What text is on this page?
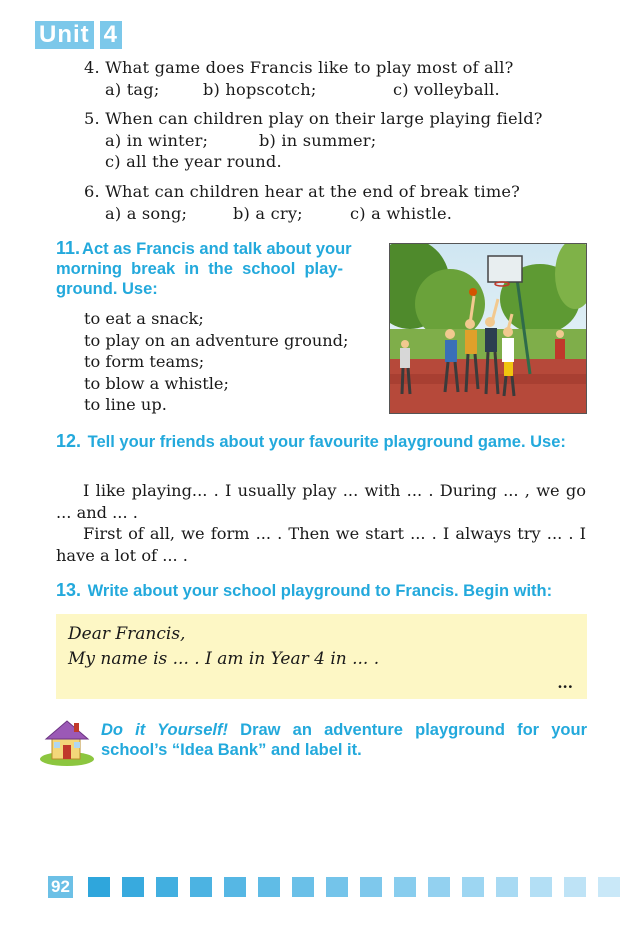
Unit 4
4. What game does Francis like to play most of all?
a) tag;	b) hopscotch;	c) volleyball.
5. When can children play on their large playing field?
a) in winter;	b) in summer;
c) all the year round.
6. What can children hear at the end of break time?
a) a song;	b) a cry;	c) a whistle.
11. Act as Francis and talk about your
morning  break  in  the  school  play-
ground. Use:
to eat a snack;
to play on an adventure ground;
to form teams;
to blow a whistle;
to line up.
12. Tell your friends about your favourite playground game. Use:
I like playing... . I usually play ... with ... . During ... , we go ... and ... .
First of all, we form ... . Then we start ... . I always try ... . I have a lot of ... .
13. Write about your school playground to Francis. Begin with:
Dear Francis,
My name is ... . I am in Year 4 in ... .
...
Do it Yourself! Draw an adventure playground for your school’s “Idea Bank” and label it.
92
